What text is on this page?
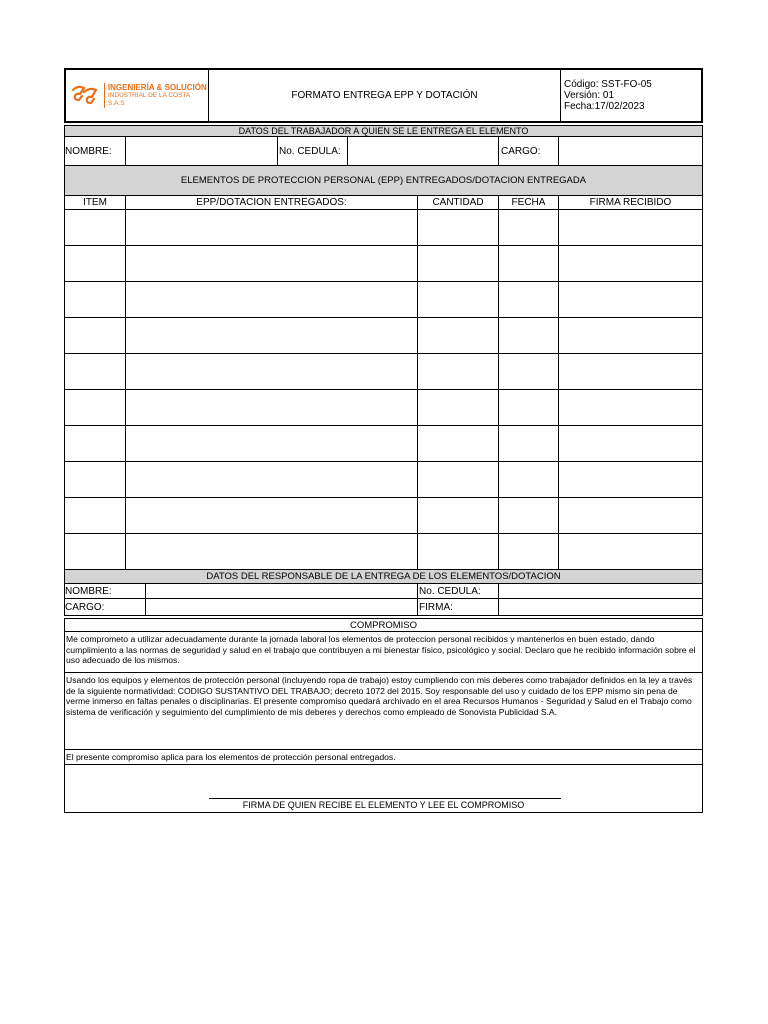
INGENIERÍA & SOLUCIÓN
INDUSTRIAL DE LA COSTA S.A.S
FORMATO ENTREGA EPP Y DOTACIÓN
Código: SST-FO-05
Versión: 01
Fecha:17/02/2023
DATOS DEL TRABAJADOR A QUIEN SE LE ENTREGA EL ELEMENTO
NOMBRE:	No. CEDULA:	CARGO:
ELEMENTOS DE PROTECCION PERSONAL (EPP) ENTREGADOS/DOTACION ENTREGADA
ITEM	EPP/DOTACION ENTREGADOS:	CANTIDAD	FECHA	FIRMA RECIBIDO
DATOS DEL RESPONSABLE DE LA ENTREGA DE LOS ELEMENTOS/DOTACION
NOMBRE:	No. CEDULA:
CARGO:	FIRMA:
COMPROMISO
Me comprometo a utilizar adecuadamente durante la jornada laboral los elementos de proteccion personal recibidos y mantenerlos en buen estado, dando cumplimiento a las normas de seguridad y salud en el trabajo que contribuyen a mi bienestar físico, psicológico y social. Declaro que he recibido información sobre el uso adecuado de los mismos.
Usando los equipos y elementos de protección personal (incluyendo ropa de trabajo) estoy cumpliendo con mis deberes como trabajador definidos en la ley a través de la siguiente normatividad: CODIGO SUSTANTIVO DEL TRABAJO; decreto 1072 del 2015. Soy responsable del uso y cuidado de los EPP mismo sin pena de verme inmerso en faltas penales o disciplinarias. El presente compromiso quedará archivado en el area Recursos Humanos - Seguridad y Salud en el Trabajo como sistema de verificación y seguimiento del cumplimiento de mis deberes y derechos como empleado de Sonovista Publicidad S.A.
El presente compromiso aplica para los elementos de protección personal entregados.
FIRMA DE QUIEN RECIBE EL ELEMENTO Y LEE EL COMPROMISO
